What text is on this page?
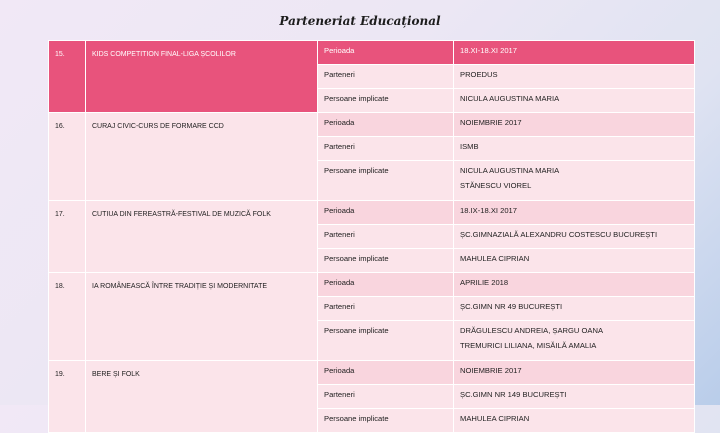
Parteneriat Educațional
15.	KIDS COMPETITION FINAL-LIGA ȘCOLILOR	Perioada	18.XI-18.XI 2017

		Parteneri	PROEDUS

		Persoane implicate	NICULA AUGUSTINA MARIA

16.	CURAJ CIVIC-CURS DE FORMARE CCD	Perioada	NOIEMBRIE 2017

		Parteneri	ISMB

		Persoane implicate	NICULA AUGUSTINA MARIA
STĂNESCU VIOREL

17.	CUTIUA DIN FEREASTRĂ-FESTIVAL DE MUZICĂ FOLK	Perioada	18.IX-18.XI 2017

		Parteneri	ȘC.GIMNAZIALĂ ALEXANDRU COSTESCU BUCUREȘTI

		Persoane implicate	MAHULEA CIPRIAN

18.	IA ROMÂNEASCĂ ÎNTRE TRADIȚIE ȘI MODERNITATE	Perioada	APRILIE 2018

		Parteneri	ȘC.GIMN NR 49 BUCUREȘTI

		Persoane implicate	DRĂGULESCU ANDREIA, ȘARGU OANA
TREMURICI LILIANA, MISĂILĂ AMALIA

19.	BERE ȘI FOLK	Perioada	NOIEMBRIE 2017

		Parteneri	ȘC.GIMN NR 149 BUCUREȘTI

		Persoane implicate	MAHULEA CIPRIAN
